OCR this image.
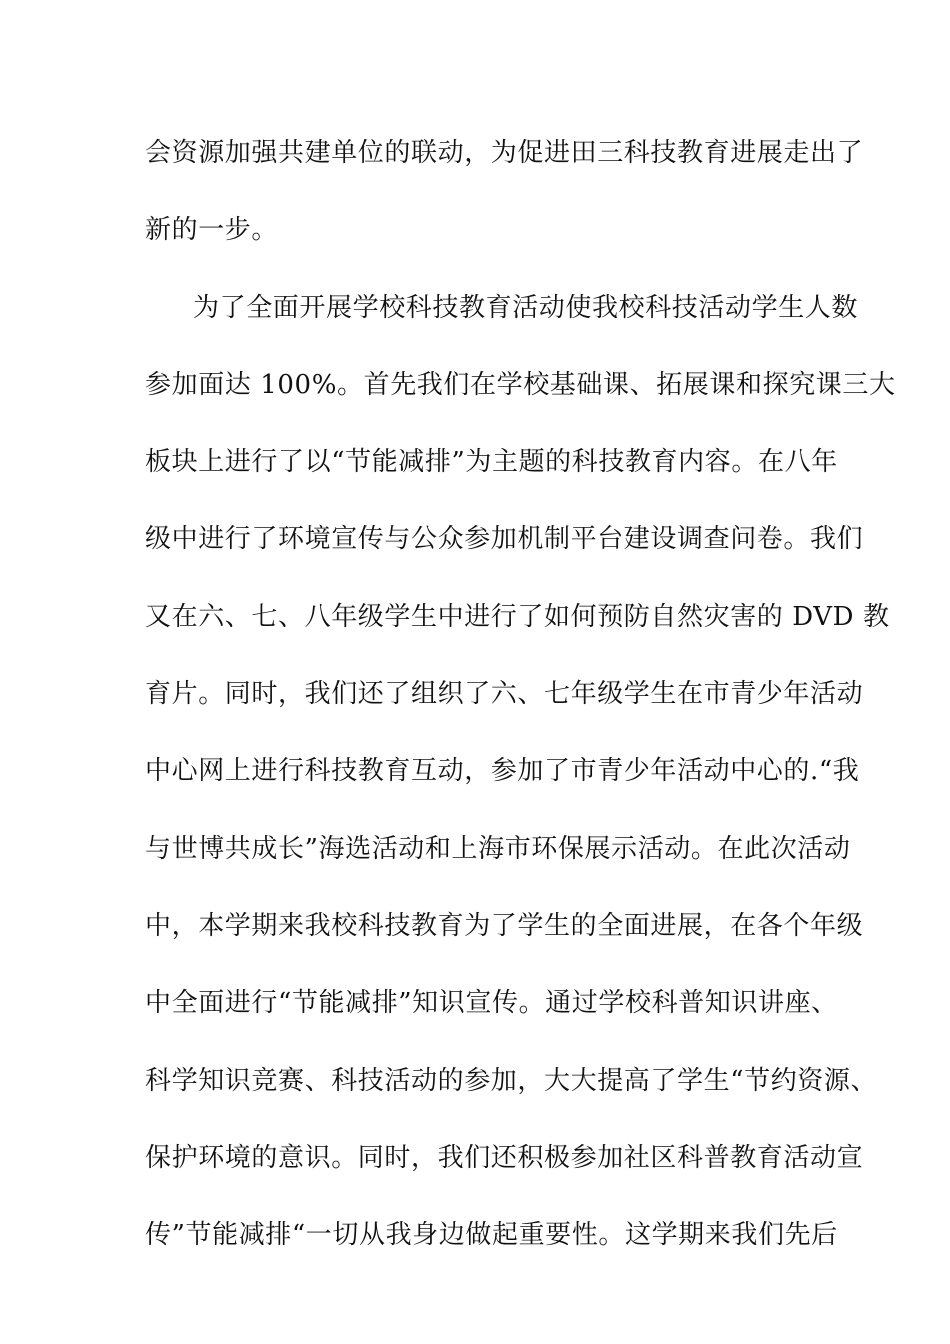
会资源加强共建单位的联动，为促进田三科技教育进展走出了
新的一步。
为了全面开展学校科技教育活动使我校科技活动学生人数
参加面达 100%。首先我们在学校基础课、拓展课和探究课三大
板块上进行了以“节能减排”为主题的科技教育内容。在八年
级中进行了环境宣传与公众参加机制平台建设调查问卷。我们
又在六、七、八年级学生中进行了如何预防自然灾害的 DVD 教
育片。同时，我们还了组织了六、七年级学生在市青少年活动
中心网上进行科技教育互动，参加了市青少年活动中心的.“我
与世博共成长”海选活动和上海市环保展示活动。在此次活动
中，本学期来我校科技教育为了学生的全面进展，在各个年级
中全面进行“节能减排”知识宣传。通过学校科普知识讲座、
科学知识竞赛、科技活动的参加，大大提高了学生“节约资源、
保护环境的意识。同时，我们还积极参加社区科普教育活动宣
传”节能减排“一切从我身边做起重要性。这学期来我们先后
